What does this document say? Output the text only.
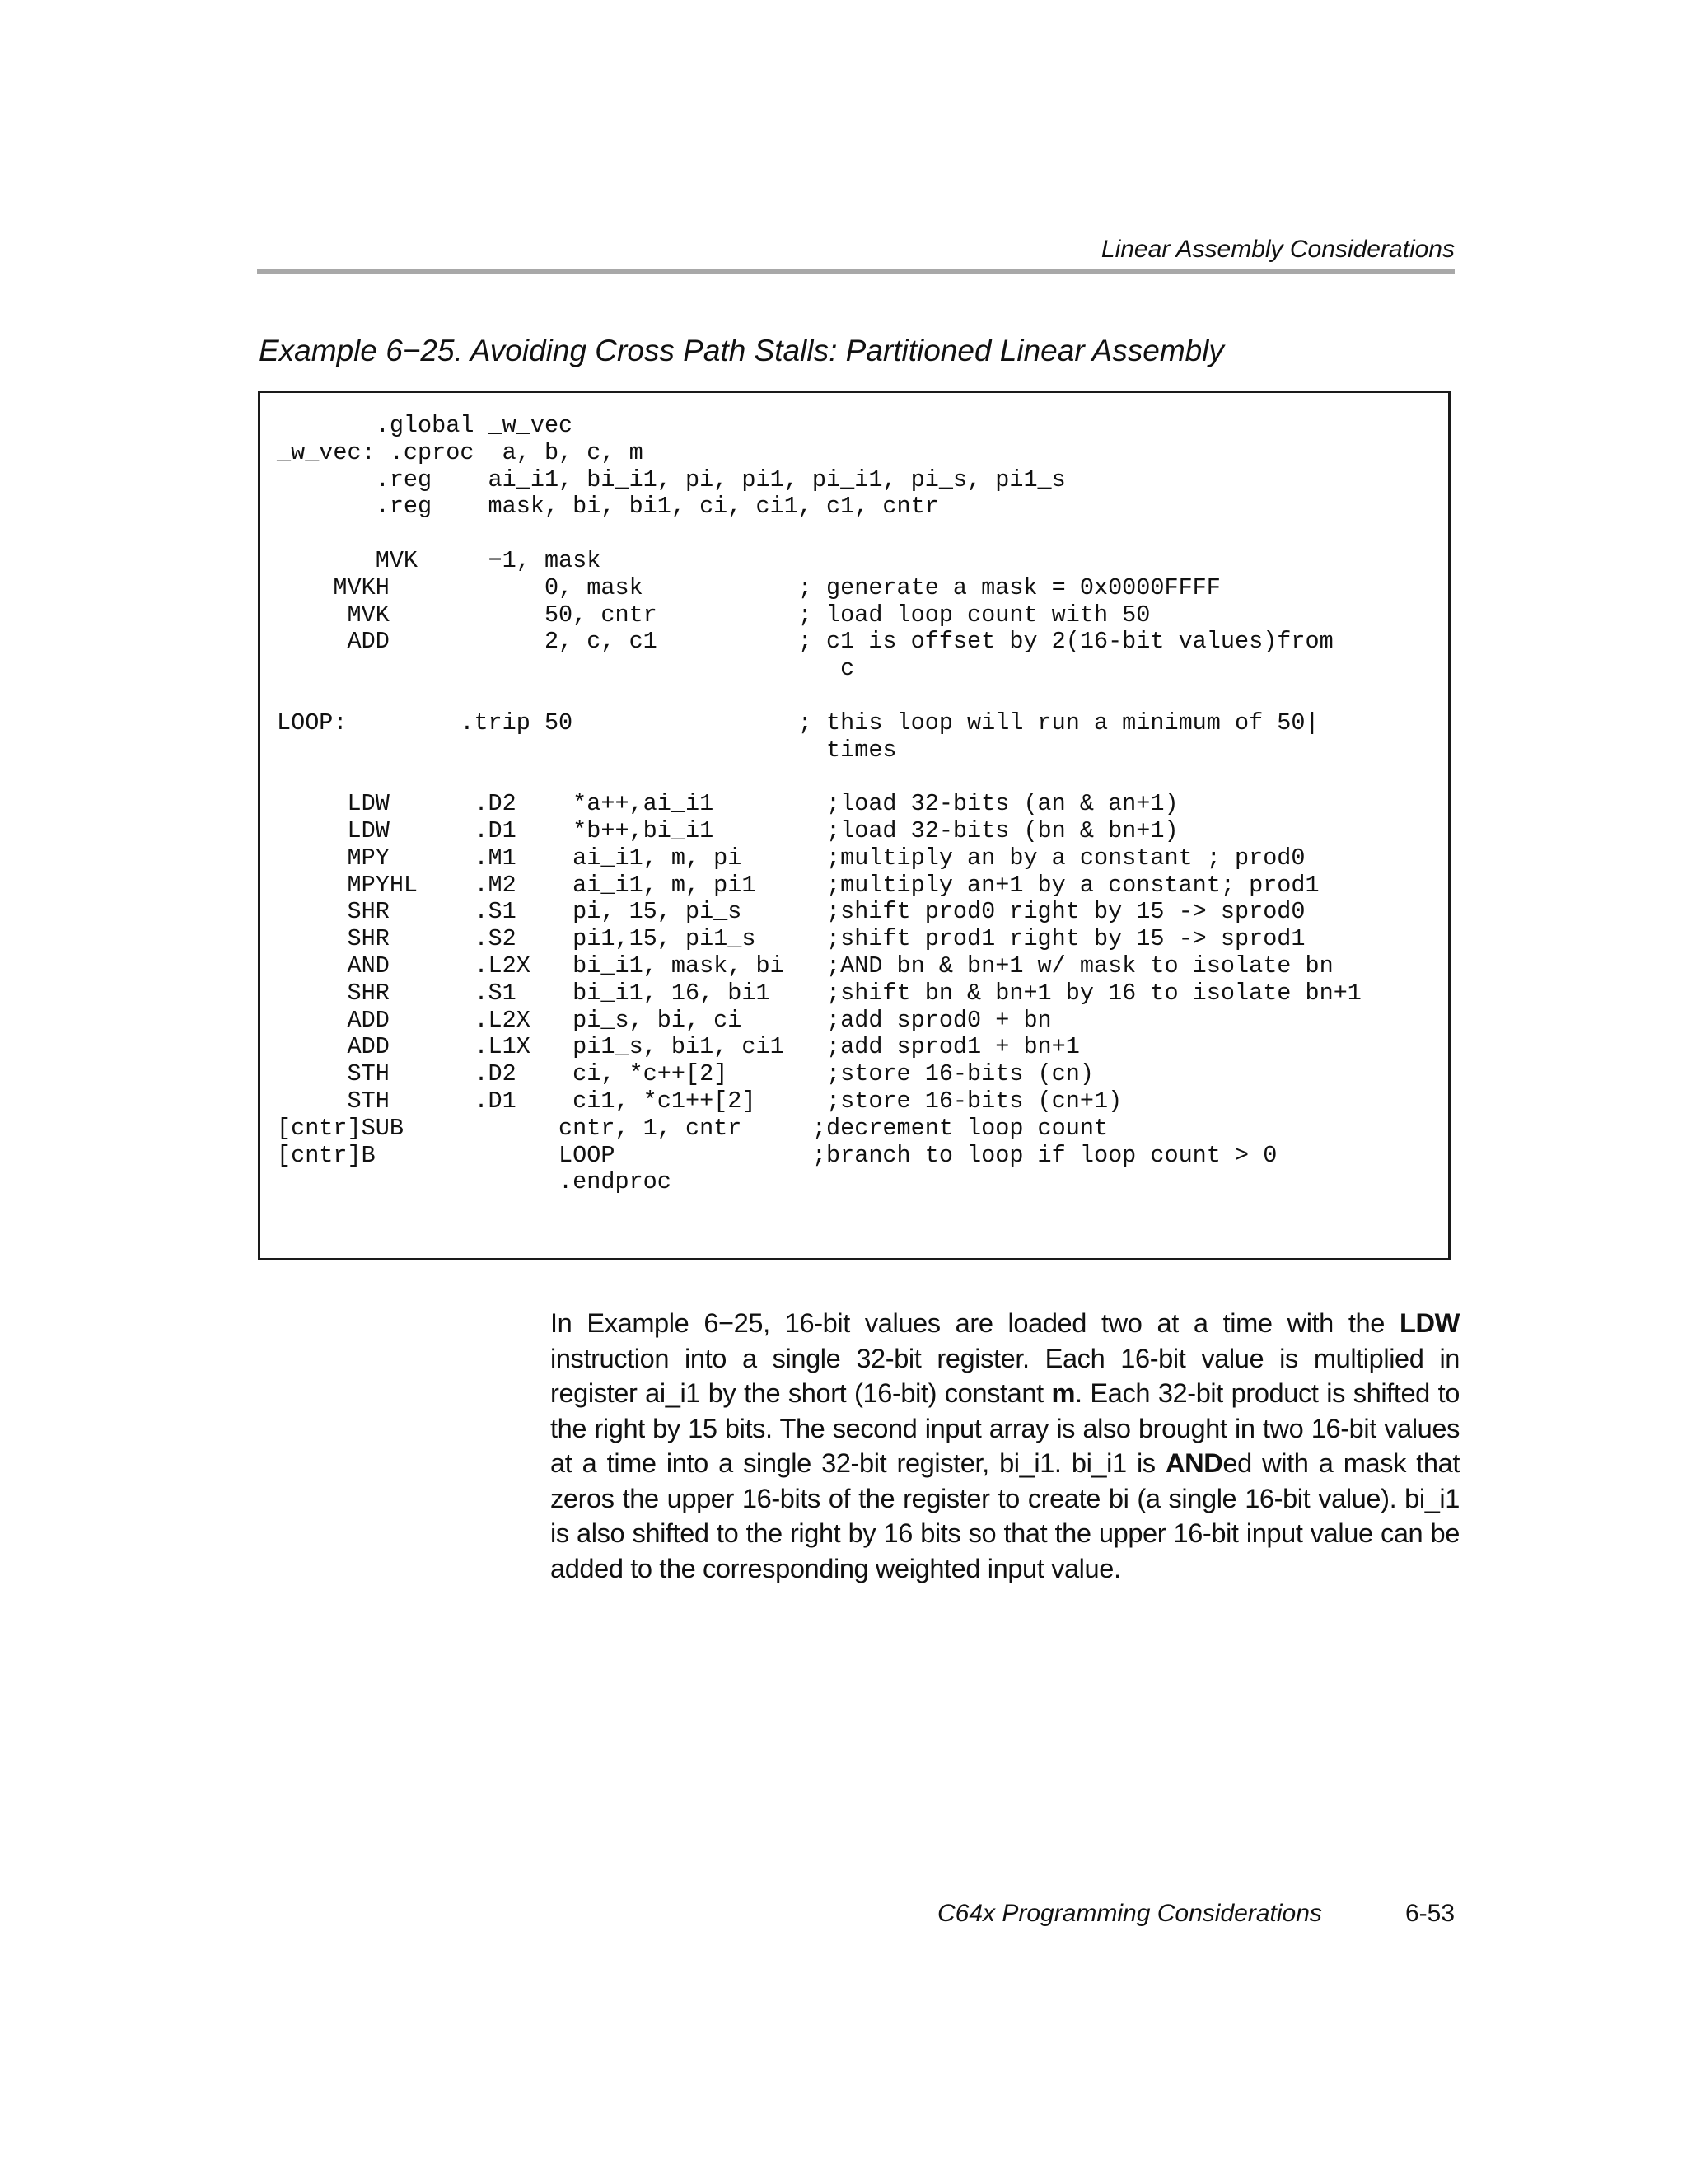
Linear Assembly Considerations
Example 6−25. Avoiding Cross Path Stalls: Partitioned Linear Assembly
.global _w_vec
_w_vec: .cproc  a, b, c, m
.reg    ai_i1, bi_i1, pi, pi1, pi_i1, pi_s, pi1_s
.reg    mask, bi, bi1, ci, ci1, c1, cntr

MVK     −1, mask
MVKH           0, mask           ; generate a mask = 0x0000FFFF
MVK           50, cntr          ; load loop count with 50
ADD           2, c, c1          ; c1 is offset by 2(16-bit values)from
c

LOOP:        .trip 50                ; this loop will run a minimum of 50|
times

LDW      .D2    *a++,ai_i1        ;load 32-bits (an & an+1)
LDW      .D1    *b++,bi_i1        ;load 32-bits (bn & bn+1)
MPY      .M1    ai_i1, m, pi      ;multiply an by a constant ; prod0
MPYHL    .M2    ai_i1, m, pi1     ;multiply an+1 by a constant; prod1
SHR      .S1    pi, 15, pi_s      ;shift prod0 right by 15 -> sprod0
SHR      .S2    pi1,15, pi1_s     ;shift prod1 right by 15 -> sprod1
AND      .L2X   bi_i1, mask, bi   ;AND bn & bn+1 w/ mask to isolate bn
SHR      .S1    bi_i1, 16, bi1    ;shift bn & bn+1 by 16 to isolate bn+1
ADD      .L2X   pi_s, bi, ci      ;add sprod0 + bn
ADD      .L1X   pi1_s, bi1, ci1   ;add sprod1 + bn+1
STH      .D2    ci, *c++[2]       ;store 16-bits (cn)
STH      .D1    ci1, *c1++[2]     ;store 16-bits (cn+1)
[cntr]SUB           cntr, 1, cntr     ;decrement loop count
[cntr]B             LOOP              ;branch to loop if loop count > 0
.endproc

In Example 6−25, 16-bit values are loaded two at a time with the LDW instruction into a single 32-bit register. Each 16-bit value is multiplied in register ai_i1 by the short (16-bit) constant m. Each 32-bit product is shifted to the right by 15 bits. The second input array is also brought in two 16-bit values at a time into a single 32-bit register, bi_i1. bi_i1 is ANDed with a mask that zeros the upper 16-bits of the register to create bi (a single 16-bit value). bi_i1 is also shifted to the right by 16 bits so that the upper 16-bit input value can be added to the corresponding weighted input value.
C64x Programming Considerations	6-53
